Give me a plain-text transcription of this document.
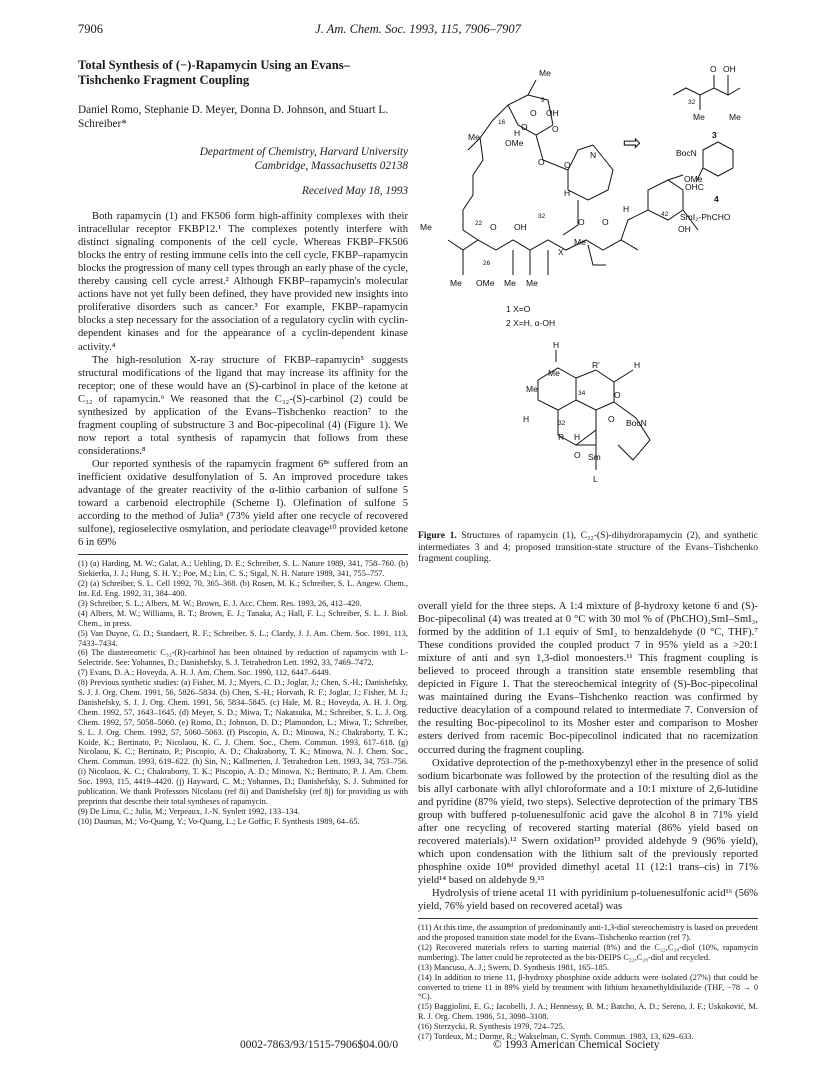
7906	J. Am. Chem. Soc. 1993, 115, 7906–7907
Total Synthesis of (−)-Rapamycin Using an Evans–Tishchenko Fragment Coupling
Daniel Romo, Stephanie D. Meyer, Donna D. Johnson, and Stuart L. Schreiber*
Department of Chemistry, Harvard University
Cambridge, Massachusetts 02138
Received May 18, 1993

Both rapamycin (1) and FK506 form high-affinity complexes with their intracellular receptor FKBP12.¹ The complexes potently interfere with distinct signaling components of the cell cycle. Whereas FKBP–FK506 blocks the entry of resting immune cells into the cell cycle, FKBP–rapamycin blocks the progression of many cell types through an early phase of the cycle, thereby causing cell cycle arrest.² Although FKBP–rapamycin's molecular actions have not yet fully been defined, they have provided new insights into proliferative disorders such as cancer.³ For example, FKBP–rapamycin blocks a step necessary for the association of a regulatory cyclin with cyclin-dependent kinases and for the appearance of a cyclin-dependent kinase activity.⁴

The high-resolution X-ray structure of FKBP–rapamycin⁵ suggests structural modifications of the ligand that may increase its affinity for the receptor; one of these would have an (S)-carbinol in place of the ketone at C₃₂ of rapamycin.⁶ We reasoned that the C₃₂-(S)-carbinol (2) could be synthesized by application of the Evans–Tishchenko reaction⁷ to the fragment coupling of substructure 3 and Boc-pipecolinal (4) (Figure 1). We now report a total synthesis of rapamycin that follows from these considerations.⁸

Our reported synthesis of the rapamycin fragment 6⁸ᵉ suffered from an inefficient oxidative desulfonylation of 5. An improved procedure takes advantage of the greater reactivity of the α-lithio carbanion of sulfone 5 toward a carbenoid electrophile (Scheme I). Olefination of sulfone 5 according to the method of Julia⁹ (73% yield after one recycle of recovered sulfone), regioselective osmylation, and periodate cleavage¹⁰ provided ketone 6 in 69%

(1) (a) Harding, M. W.; Galat, A.; Uehling, D. E.; Schreiber, S. L. Nature 1989, 341, 758–760. (b) Siekierka, J. J.; Hung, S. H. Y.; Poe, M.; Lin, C. S.; Sigal, N. H. Nature 1989, 341, 755–757.

(2) (a) Schreiber, S. L. Cell 1992, 70, 365–368. (b) Rosen, M. K.; Schreiber, S. L. Angew. Chem., Int. Ed. Eng. 1992, 31, 384–400.

(3) Schreiber, S. L.; Albers, M. W.; Brown, E. J. Acc. Chem. Res. 1993, 26, 412–420.

(4) Albers, M. W.; Williams, R. T.; Brown, E. J.; Tanaka, A.; Hall, F. L.; Schreiber, S. L. J. Biol. Chem., in press.

(5) Van Duyne, G. D.; Standaert, R. F.; Schreiber, S. L.; Clardy, J. J. Am. Chem. Soc. 1991, 113, 7433–7434.

(6) The diastereomeric C₃₂-(R)-carbinol has been obtained by reduction of rapamycin with L-Selectride. See: Yohannes, D.; Danishefsky, S. J. Tetrahedron Lett. 1992, 33, 7469–7472.

(7) Evans, D. A.; Hoveyda, A. H. J. Am. Chem. Soc. 1990, 112, 6447–6449.

(8) Previous synthetic studies: (a) Fisher, M. J.; Myers, C. D.; Joglar, J.; Chen, S.-H.; Danishefsky, S. J. J. Org. Chem. 1991, 56, 5826–5834. (b) Chen, S.-H.; Horvath, R. F.; Joglar, J.; Fisher, M. J.; Danishefsky, S. J. J. Org. Chem. 1991, 56, 5834–5845. (c) Hale, M. R.; Hoveyda, A. H. J. Org. Chem. 1992, 57, 1643–1645. (d) Meyer, S. D.; Miwa, T.; Nakatsuka, M.; Schreiber, S. L. J. Org. Chem. 1992, 57, 5058–5060. (e) Romo, D.; Johnson, D. D.; Plamondon, L.; Miwa, T.; Schreiber, S. L. J. Org. Chem. 1992, 57, 5060–5063. (f) Piscopio, A. D.; Minowa, N.; Chakraborty, T. K.; Koide, K.; Bertinato, P.; Nicolaou, K. C. J. Chem. Soc., Chem. Commun. 1993, 617–618. (g) Nicolaou, K. C.; Bertinato, P.; Piscopio, A. D.; Chakraborty, T. K.; Minowa, N. J. Chem. Soc., Chem. Commun. 1993, 619–622. (h) Sin, N.; Kallmerten, J. Tetrahedron Lett. 1993, 34, 753–756. (i) Nicolaou, K. C.; Chakraborty, T. K.; Piscopio, A. D.; Minowa, N.; Bertinato, P. J. Am. Chem. Soc. 1993, 115, 4419–4420. (j) Hayward, C. M.; Yohannes, D.; Danishefsky, S. J. Submitted for publication. We thank Professors Nicolaou (ref 8i) and Danishefsky (ref 8j) for providing us with preprints that describe their total syntheses of rapamycin.

(9) De Lima, C.; Julia, M.; Verpeaux, J.-N. Synlett 1992, 133–134.

(10) Daumas, M.; Vo-Quang, Y.; Vo-Quang, L.; Le Goffic, F. Synthesis 1989, 64–65.

Me
O
O OH
O
9
16
Me
OMe
H
O O
N
H
O
Me	22 O OH
26
32
X
Me
O
H
42
OMe
OH
Me OMe Me Me
1 X=O
2 X=H, α-OH
⇨
O OH
Me	Me
32
3
BocN
OHC
4
SmI₂-PhCHO
H
Me
Me
R'
34	O
H
H	32
R H
O BocN
O Sm
L
Figure 1. Structures of rapamycin (1), C₃₂-(S)-dihydrorapamycin (2), and synthetic intermediates 3 and 4; proposed transition-state structure of the Evans–Tishchenko fragment coupling.

overall yield for the three steps. A 1:4 mixture of β-hydroxy ketone 6 and (S)-Boc-pipecolinal (4) was treated at 0 °C with 30 mol % of (PhCHO)₂SmI–SmI₃, formed by the addition of 1.1 equiv of SmI₂ to benzaldehyde (0 °C, THF).⁷ These conditions provided the coupled product 7 in 95% yield as a >20:1 mixture of anti and syn 1,3-diol monoesters.¹¹ This fragment coupling is believed to proceed through a transition state ensemble resembling that depicted in Figure 1. That the stereochemical integrity of (S)-Boc-pipecolinal was maintained during the Evans–Tishchenko reaction was confirmed by reductive deacylation of a compound related to intermediate 7. Conversion of the resulting Boc-pipecolinol to its Mosher ester and comparison to Mosher esters derived from racemic Boc-pipecolinol indicated that no racemization occurred during the fragment coupling.

Oxidative deprotection of the p-methoxybenzyl ether in the presence of solid sodium bicarbonate was followed by the protection of the resulting diol as the bis allyl carbonate with allyl chloroformate and a 10:1 mixture of 2,6-lutidine and pyridine (87% yield, two steps). Selective deprotection of the primary TBS group with buffered p-toluenesulfonic acid gave the alcohol 8 in 71% yield after one recycling of recovered starting material (86% yield based on recovered materials).¹² Swern oxidation¹³ provided aldehyde 9 (96% yield), which upon condensation with the lithium salt of the previously reported phosphine oxide 10⁸ᵈ provided dimethyl acetal 11 (12:1 trans–cis) in 71% yield¹⁴ based on aldehyde 9.¹⁵

Hydrolysis of triene acetal 11 with pyridinium p-toluenesulfonic acid¹⁶ (56% yield, 76% yield based on recovered acetal) was

(11) At this time, the assumption of predominantly anti-1,3-diol stereochemistry is based on precedent and the proposed transition state model for the Evans–Tishchenko reaction (ref 7).

(12) Recovered materials refers to starting material (8%) and the C₂₂,C₂₈-diol (10%, rapamycin numbering). The latter could be reprotected as the bis-DEIPS C₂₂,C₂₈-diol and recycled.

(13) Mancuso, A. J.; Swern, D. Synthesis 1981, 165–185.

(14) In addition to triene 11, β-hydroxy phosphine oxide adducts were isolated (27%) that could be converted to triene 11 in 89% yield by treatment with lithium hexamethyldisilazide (THF, −78 → 0 °C).

(15) Baggiolini, E. G.; Iacobelli, J. A.; Hennessy, B. M.; Batcho, A. D.; Sereno, J. F.; Uskoković, M. R. J. Org. Chem. 1986, 51, 3098–3108.

(16) Sterzycki, R. Synthesis 1979, 724–725.

(17) Tordeux, M.; Dorme, R.; Wakselman, C. Synth. Commun. 1983, 13, 629–633.

0002-7863/93/1515-7906$04.00/0	© 1993 American Chemical Society
